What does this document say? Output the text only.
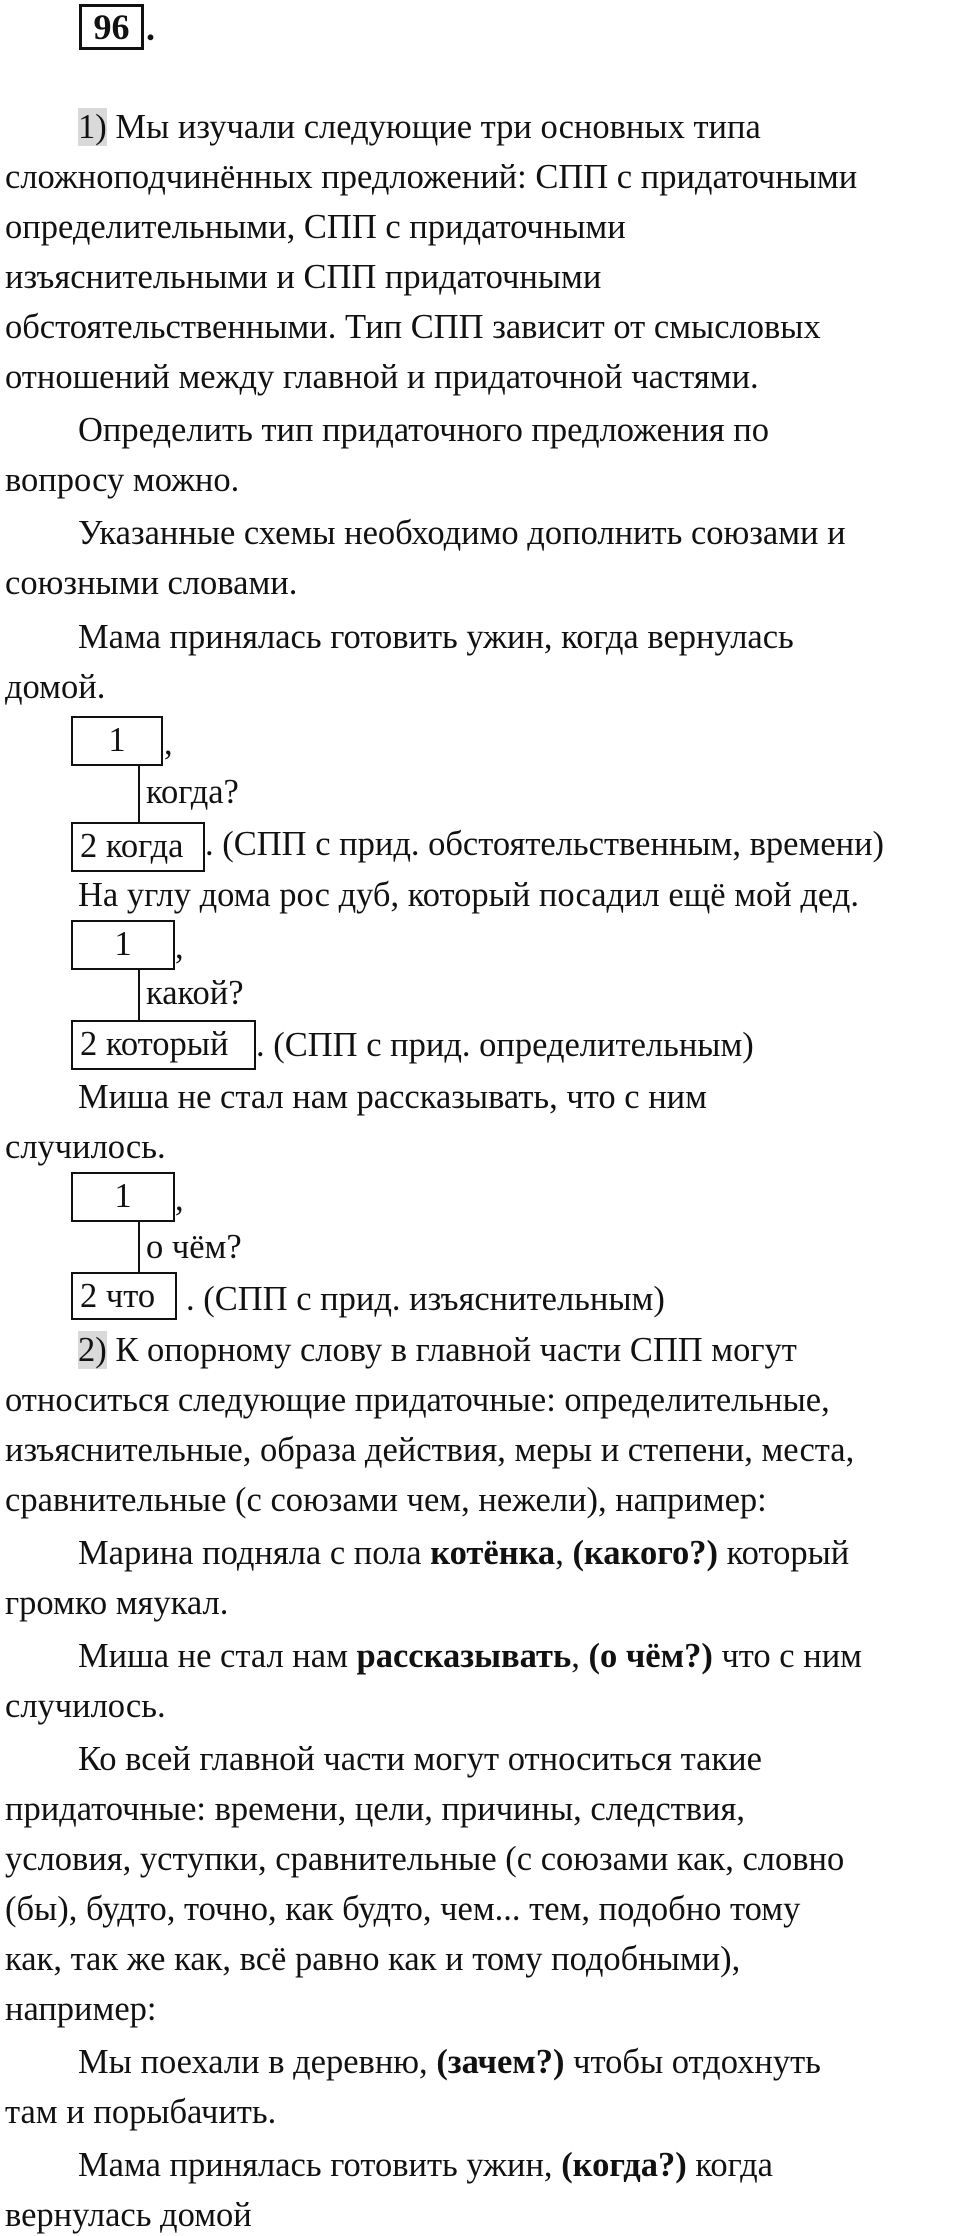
96 .
1) Мы изучали следующие три основных типа
сложноподчинённых предложений: СПП с придаточными
определительными, СПП с придаточными
изъяснительными и СПП придаточными
обстоятельственными. Тип СПП зависит от смысловых
отношений между главной и придаточной частями.
Определить тип придаточного предложения по
вопросу можно.
Указанные схемы необходимо дополнить союзами и
союзными словами.
Мама принялась готовить ужин, когда вернулась
домой.
1	,
когда?
2 когда . (СПП с прид. обстоятельственным, времени)
На углу дома рос дуб, который посадил ещё мой дед.
1	,
какой?
2 который . (СПП с прид. определительным)
Миша не стал нам рассказывать, что с ним
случилось.
1	,
о чём?
2 что . (СПП с прид. изъяснительным)
2) К опорному слову в главной части СПП могут
относиться следующие придаточные: определительные,
изъяснительные, образа действия, меры и степени, места,
сравнительные (с союзами чем, нежели), например:
Марина подняла с пола котёнка, (какого?) который
громко мяукал.
Миша не стал нам рассказывать, (о чём?) что с ним
случилось.
Ко всей главной части могут относиться такие
придаточные: времени, цели, причины, следствия,
условия, уступки, сравнительные (с союзами как, словно
(бы), будто, точно, как будто, чем... тем, подобно тому
как, так же как, всё равно как и тому подобными),
например:
Мы поехали в деревню, (зачем?) чтобы отдохнуть
там и порыбачить.
Мама принялась готовить ужин, (когда?) когда
вернулась домой
